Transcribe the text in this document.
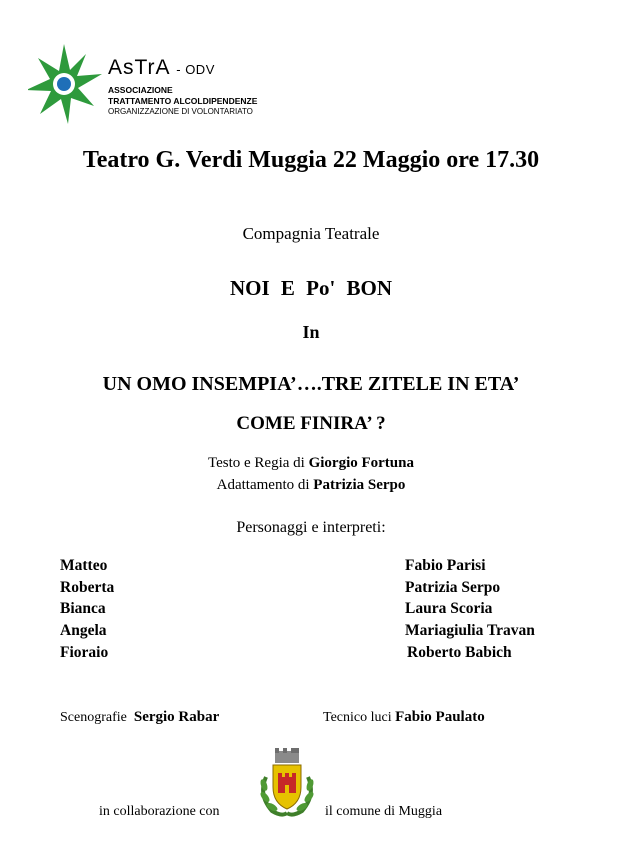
AsTrA - ODV
ASSOCIAZIONE
TRATTAMENTO ALCOLDIPENDENZE
ORGANIZZAZIONE DI VOLONTARIATO
Teatro G. Verdi Muggia 22 Maggio ore 17.30
Compagnia Teatrale
NOI E Po' BON
In
UN OMO INSEMPIA’….TRE ZITELE IN ETA’
COME FINIRA’ ?
Testo e Regia di Giorgio Fortuna
Adattamento di Patrizia Serpo
Personaggi e interpreti:
Matteo	Fabio Parisi
Roberta	Patrizia Serpo
Bianca	Laura Scoria
Angela	Mariagiulia Travan
Fioraio	Roberto Babich
Scenografie Sergio Rabar	Tecnico luci Fabio Paulato
in collaborazione con	il comune di Muggia
